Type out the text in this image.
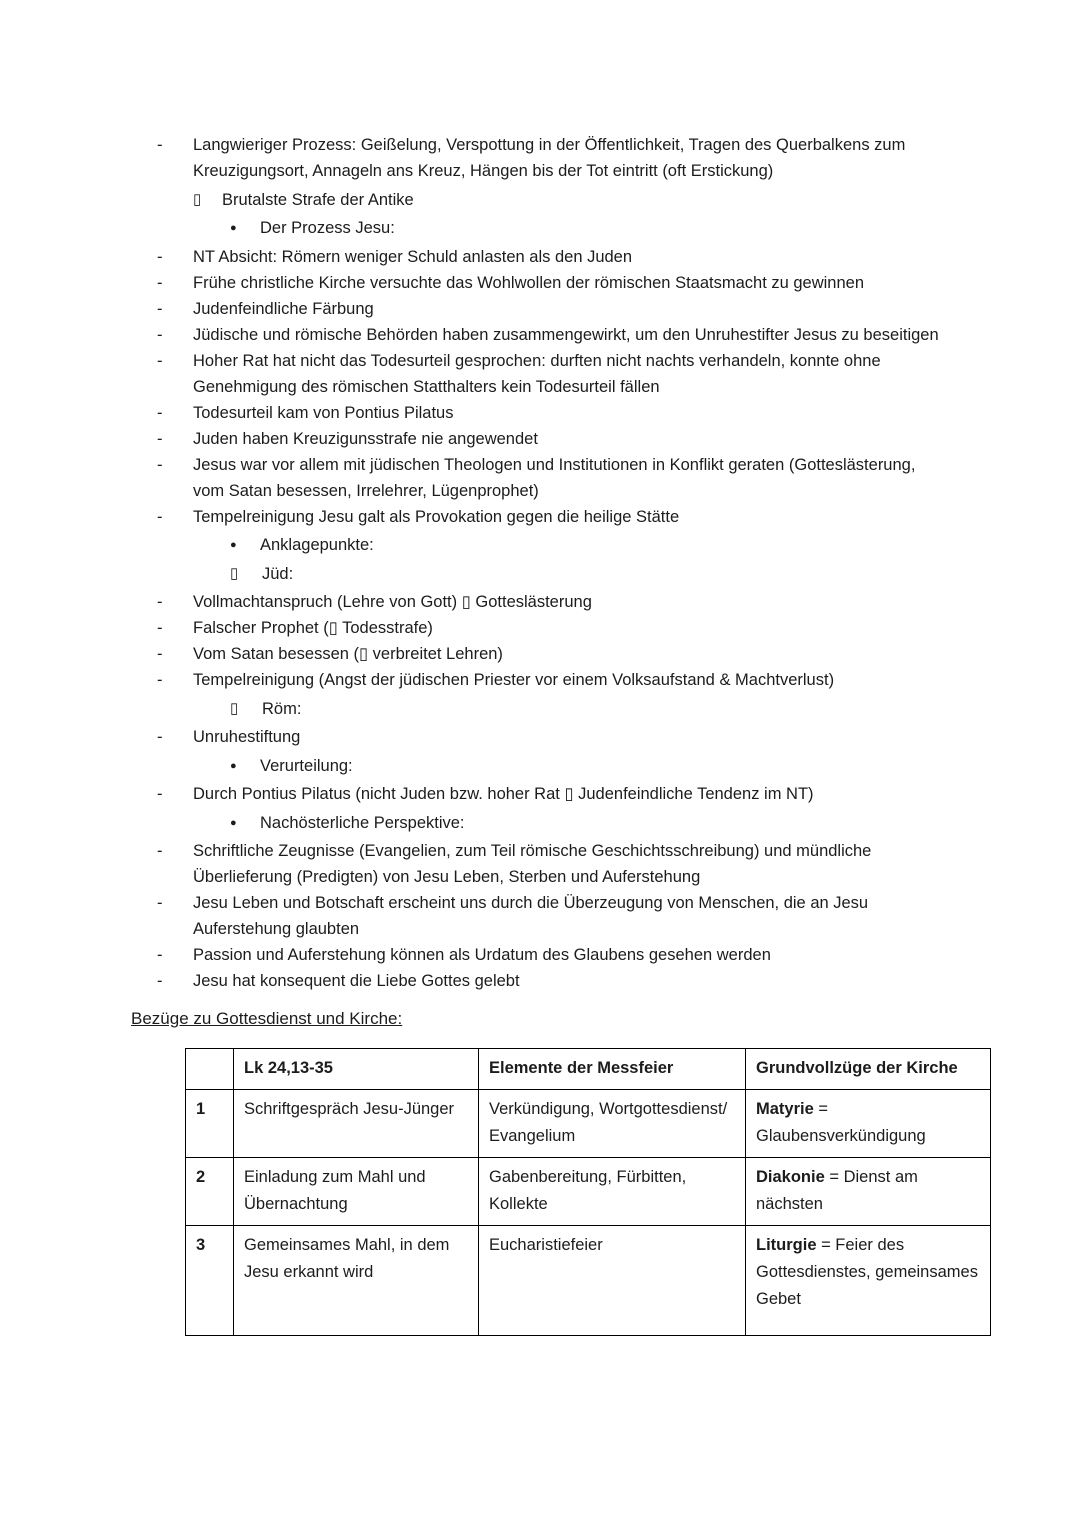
- Langwieriger Prozess: Geißelung, Verspottung in der Öffentlichkeit, Tragen des Querbalkens zum Kreuzigungsort, Annageln ans Kreuz, Hängen bis der Tot eintritt (oft Erstickung)
▯ Brutalste Strafe der Antike
● Der Prozess Jesu:
- NT Absicht: Römern weniger Schuld anlasten als den Juden
- Frühe christliche Kirche versuchte das Wohlwollen der römischen Staatsmacht zu gewinnen
- Judenfeindliche Färbung
- Jüdische und römische Behörden haben zusammengewirkt, um den Unruhestifter Jesus zu beseitigen
- Hoher Rat hat nicht das Todesurteil gesprochen: durften nicht nachts verhandeln, konnte ohne Genehmigung des römischen Statthalters kein Todesurteil fällen
- Todesurteil kam von Pontius Pilatus
- Juden haben Kreuzigunsstrafe nie angewendet
- Jesus war vor allem mit jüdischen Theologen und Institutionen in Konflikt geraten (Gotteslästerung, vom Satan besessen, Irrelehrer, Lügenprophet)
- Tempelreinigung Jesu galt als Provokation gegen die heilige Stätte
● Anklagepunkte:
▯ Jüd:
- Vollmachtanspruch (Lehre von Gott) ▯ Gotteslästerung
- Falscher Prophet (▯ Todesstrafe)
- Vom Satan besessen (▯ verbreitet Lehren)
- Tempelreinigung (Angst der jüdischen Priester vor einem Volksaufstand & Machtverlust)
▯ Röm:
- Unruhestiftung
● Verurteilung:
- Durch Pontius Pilatus (nicht Juden bzw. hoher Rat ▯ Judenfeindliche Tendenz im NT)
● Nachösterliche Perspektive:
- Schriftliche Zeugnisse (Evangelien, zum Teil römische Geschichtsschreibung) und mündliche Überlieferung (Predigten) von Jesu Leben, Sterben und Auferstehung
- Jesu Leben und Botschaft erscheint uns durch die Überzeugung von Menschen, die an Jesu Auferstehung glaubten
- Passion und Auferstehung können als Urdatum des Glaubens gesehen werden
- Jesu hat konsequent die Liebe Gottes gelebt
Bezüge zu Gottesdienst und Kirche:
	Lk 24,13-35	Elemente der Messfeier	Grundvollzüge der Kirche
1	Schriftgespräch Jesu-Jünger	Verkündigung, Wortgottesdienst/ Evangelium	Matyrie = Glaubensverkündigung
2	Einladung zum Mahl und Übernachtung	Gabenbereitung, Fürbitten, Kollekte	Diakonie = Dienst am nächsten
3	Gemeinsames Mahl, in dem Jesu erkannt wird	Eucharistiefeier	Liturgie = Feier des Gottesdienstes, gemeinsames Gebet
